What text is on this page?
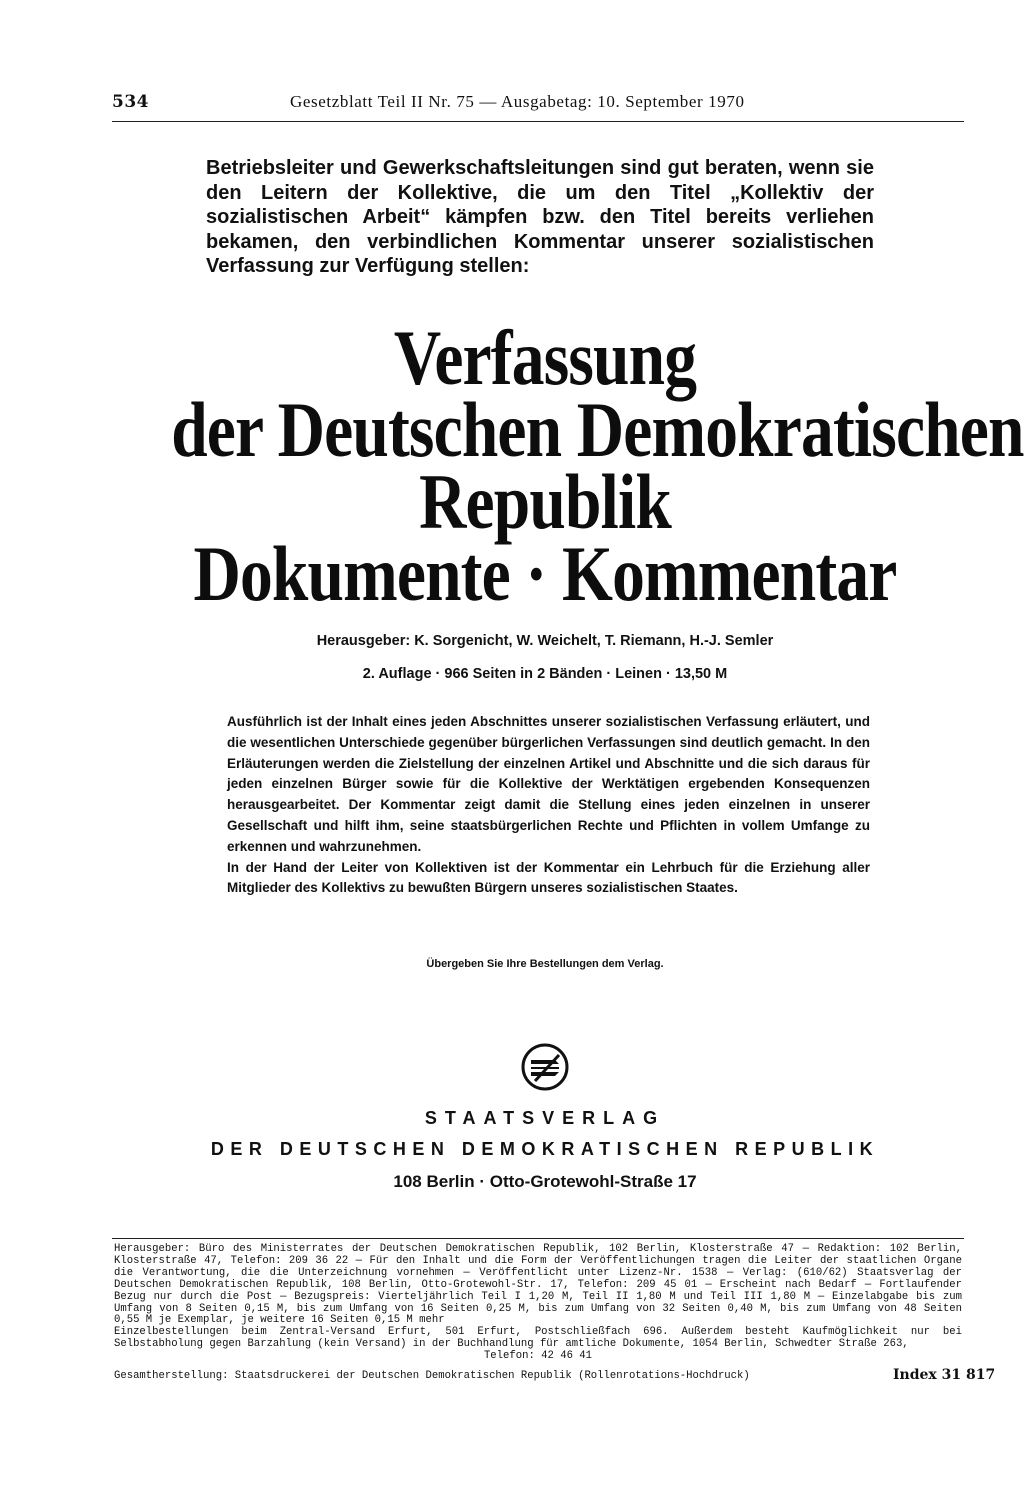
534	Gesetzblatt Teil II Nr. 75 — Ausgabetag: 10. September 1970

Betriebsleiter und Gewerkschaftsleitungen sind gut beraten, wenn sie den Leitern der Kollektive, die um den Titel „Kollektiv der sozialistischen Arbeit“ kämpfen bzw. den Titel bereits verliehen bekamen, den verbindlichen Kommentar unserer sozialistischen Verfassung zur Verfügung stellen:

Verfassung
der Deutschen Demokratischen
Republik
Dokumente · Kommentar
Herausgeber: K. Sorgenicht, W. Weichelt, T. Riemann, H.-J. Semler
2. Auflage · 966 Seiten in 2 Bänden · Leinen · 13,50 M

Ausführlich ist der Inhalt eines jeden Abschnittes unserer sozialistischen Verfassung erläutert, und die wesentlichen Unterschiede gegenüber bürgerlichen Verfassungen sind deutlich gemacht. In den Erläuterungen werden die Zielstellung der einzelnen Artikel und Abschnitte und die sich daraus für jeden einzelnen Bürger sowie für die Kollektive der Werktätigen ergebenden Konsequenzen herausgearbeitet. Der Kommentar zeigt damit die Stellung eines jeden einzelnen in unserer Gesellschaft und hilft ihm, seine staatsbürgerlichen Rechte und Pflichten in vollem Umfange zu erkennen und wahrzunehmen.

In der Hand der Leiter von Kollektiven ist der Kommentar ein Lehrbuch für die Erziehung aller Mitglieder des Kollektivs zu bewußten Bürgern unseres sozialistischen Staates.

Übergeben Sie Ihre Bestellungen dem Verlag.
STAATSVERLAG
DER DEUTSCHEN DEMOKRATISCHEN REPUBLIK
108 Berlin · Otto-Grotewohl-Straße 17

Herausgeber: Büro des Ministerrates der Deutschen Demokratischen Republik, 102 Berlin, Klosterstraße 47 — Redaktion: 102 Berlin, Klosterstraße 47, Telefon: 209 36 22 — Für den Inhalt und die Form der Veröffentlichungen tragen die Leiter der staatlichen Organe die Verantwortung, die die Unterzeichnung vornehmen — Veröffentlicht unter Lizenz-Nr. 1538 — Verlag: (610/62) Staatsverlag der Deutschen Demokratischen Republik, 108 Berlin, Otto-Grotewohl-Str. 17, Telefon: 209 45 01 — Erscheint nach Bedarf — Fortlaufender Bezug nur durch die Post — Bezugspreis: Vierteljährlich Teil I 1,20 M, Teil II 1,80 M und Teil III 1,80 M — Einzelabgabe bis zum Umfang von 8 Seiten 0,15 M, bis zum Umfang von 16 Seiten 0,25 M, bis zum Umfang von 32 Seiten 0,40 M, bis zum Umfang von 48 Seiten 0,55 M je Exemplar, je weitere 16 Seiten 0,15 M mehr

Einzelbestellungen beim Zentral-Versand Erfurt, 501 Erfurt, Postschließfach 696. Außerdem besteht Kaufmöglichkeit nur bei Selbstabholung gegen Barzahlung (kein Versand) in der Buchhandlung für amtliche Dokumente, 1054 Berlin, Schwedter Straße 263,

Telefon: 42 46 41

Gesamtherstellung: Staatsdruckerei der Deutschen Demokratischen Republik (Rollenrotations-Hochdruck)	Index 31 817
